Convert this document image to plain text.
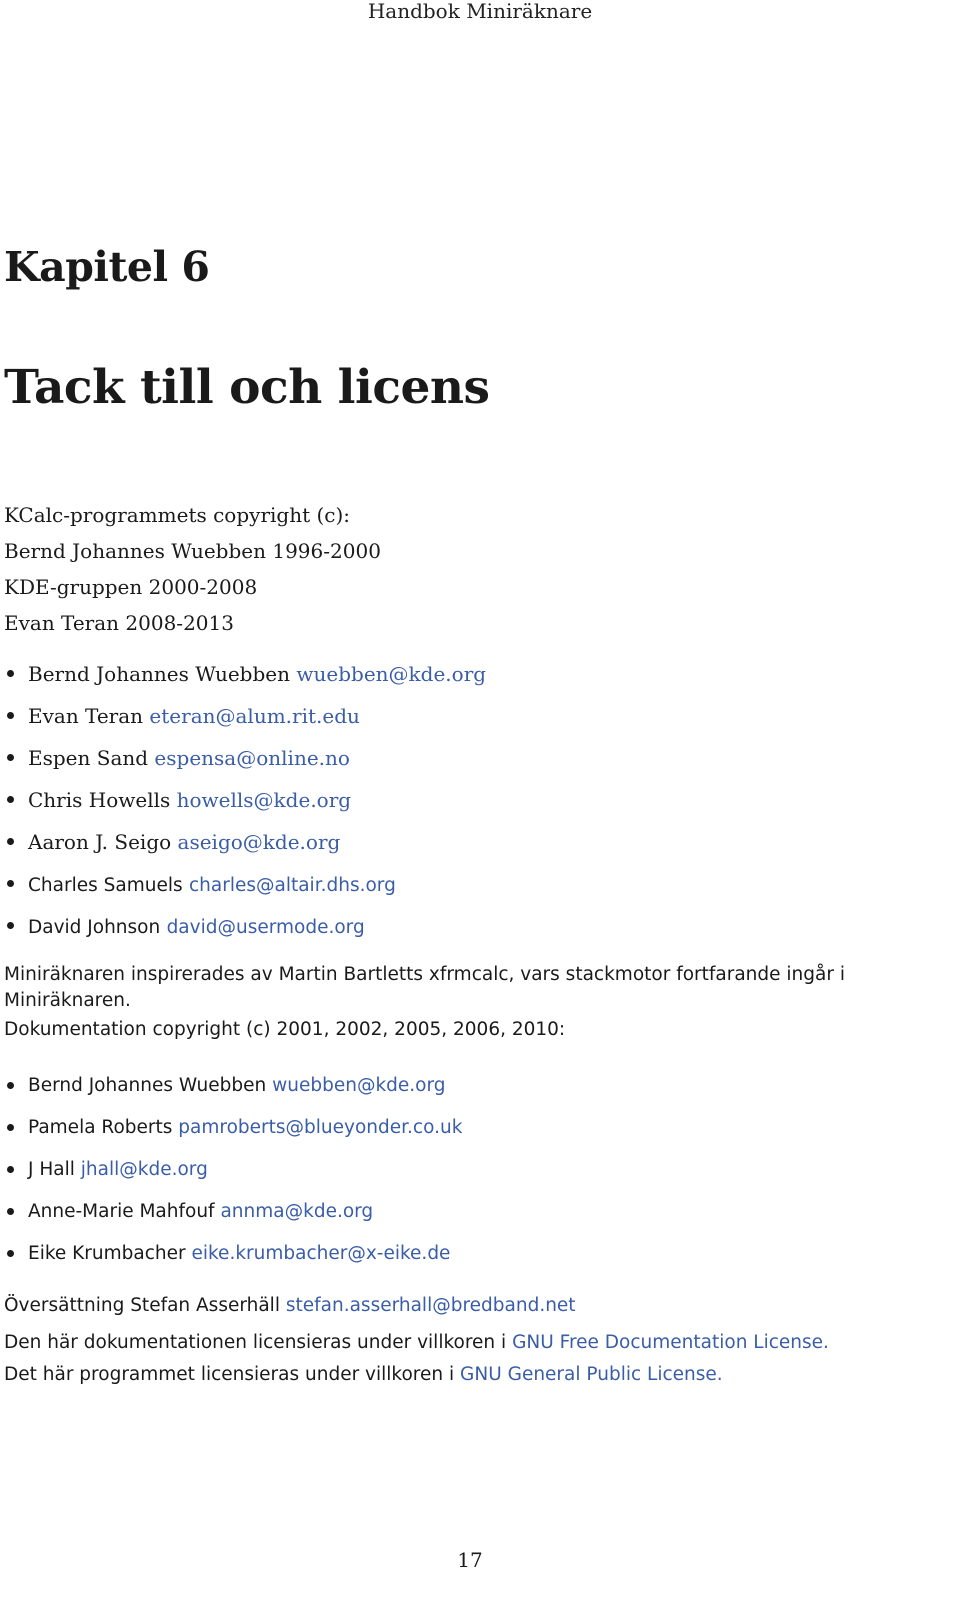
Handbok Miniräknare
Kapitel 6
Tack till och licens
KCalc-programmets copyright (c):
Bernd Johannes Wuebben 1996-2000
KDE-gruppen 2000-2008
Evan Teran 2008-2013
Bernd Johannes Wuebben wuebben@kde.org
Evan Teran eteran@alum.rit.edu
Espen Sand espensa@online.no
Chris Howells howells@kde.org
Aaron J. Seigo aseigo@kde.org
Charles Samuels charles@altair.dhs.org
David Johnson david@usermode.org
Miniräknaren inspirerades av Martin Bartletts xfrmcalc, vars stackmotor fortfarande ingår i Miniräknaren.
Dokumentation copyright (c) 2001, 2002, 2005, 2006, 2010:
Bernd Johannes Wuebben wuebben@kde.org
Pamela Roberts pamroberts@blueyonder.co.uk
J Hall jhall@kde.org
Anne-Marie Mahfouf annma@kde.org
Eike Krumbacher eike.krumbacher@x-eike.de
Översättning Stefan Asserhäll stefan.asserhall@bredband.net
Den här dokumentationen licensieras under villkoren i GNU Free Documentation License.
Det här programmet licensieras under villkoren i GNU General Public License.
17
